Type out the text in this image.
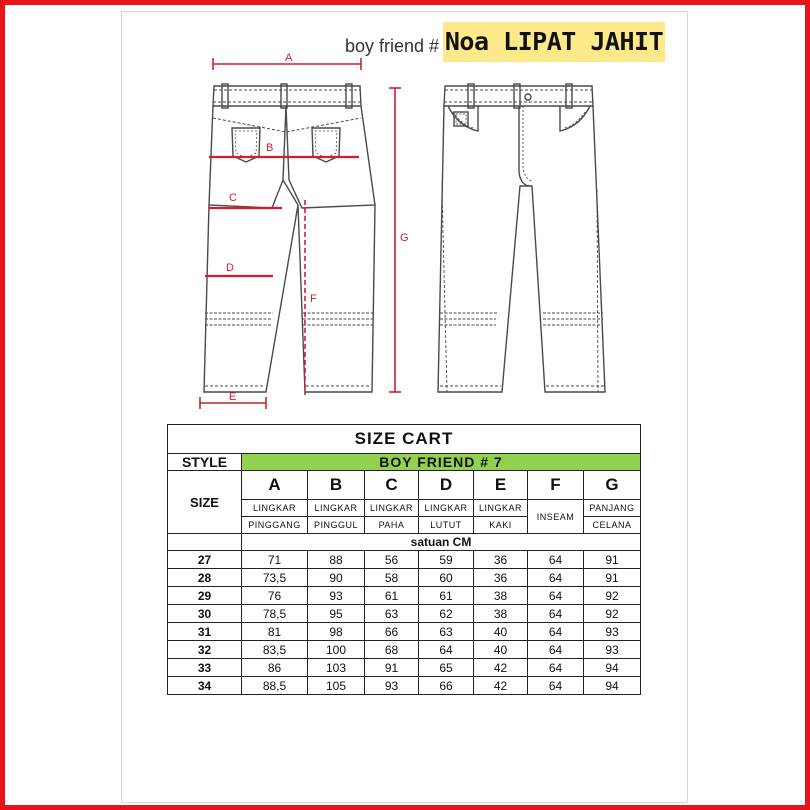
boy friend # Noa LIPAT JAHIT
A
B
C
D
E
F
G
SIZE CART							
STYLE	BOY FRIEND # 7						
SIZE	A	B	C	D	E	F	G
	LINGKAR	LINGKAR	LINGKAR	LINGKAR	LINGKAR	INSEAM	PANJANG
	PINGGANG	PINGGUL	PAHA	LUTUT	KAKI		CELANA
	satuan CM						
27	71	88	56	59	36	64	91
28	73,5	90	58	60	36	64	91
29	76	93	61	61	38	64	92
30	78,5	95	63	62	38	64	92
31	81	98	66	63	40	64	93
32	83,5	100	68	64	40	64	93
33	86	103	91	65	42	64	94
34	88,5	105	93	66	42	64	94
